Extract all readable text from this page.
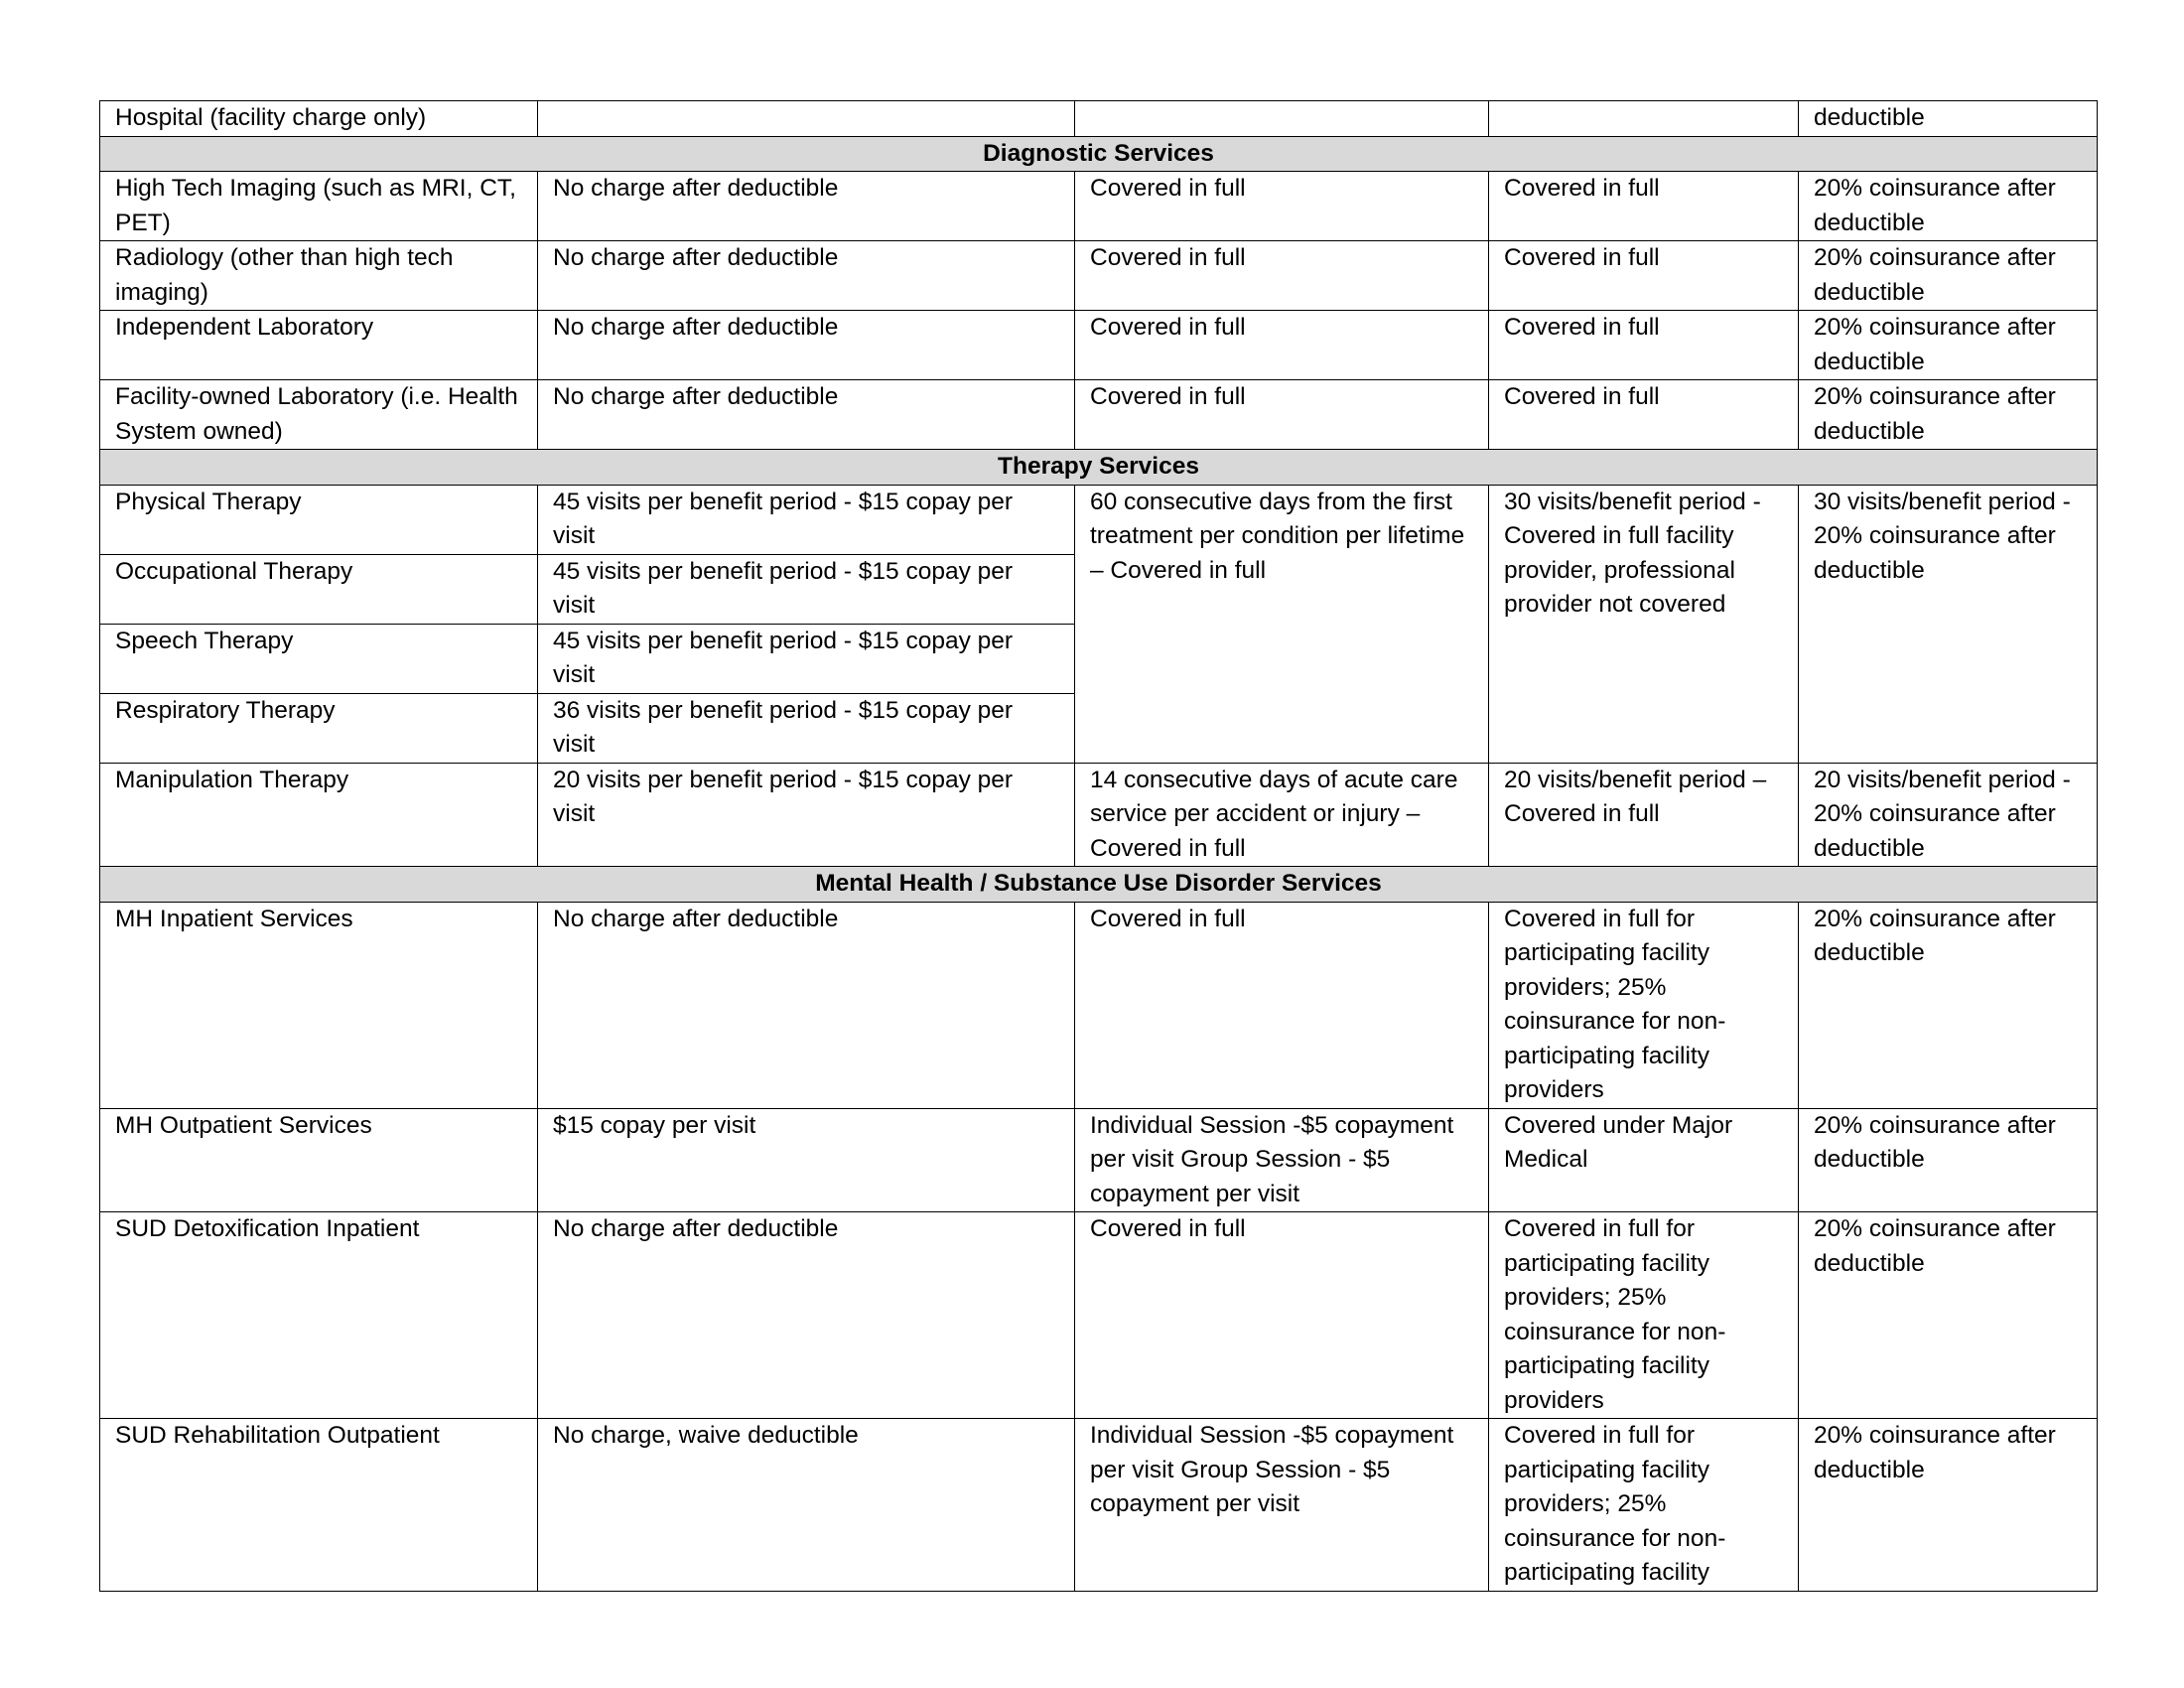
Hospital (facility charge only)				deductible
Diagnostic Services				
High Tech Imaging (such as MRI, CT, PET)	No charge after deductible	Covered in full	Covered in full	20% coinsurance after deductible
Radiology (other than high tech imaging)	No charge after deductible	Covered in full	Covered in full	20% coinsurance after deductible
Independent Laboratory	No charge after deductible	Covered in full	Covered in full	20% coinsurance after deductible
Facility-owned Laboratory (i.e. Health System owned)	No charge after deductible	Covered in full	Covered in full	20% coinsurance after deductible
Therapy Services				
Physical Therapy	45 visits per benefit period - $15 copay per visit	60 consecutive days from the first treatment per condition per lifetime – Covered in full	30 visits/benefit period - Covered in full facility provider, professional provider not covered	30 visits/benefit period - 20% coinsurance after deductible
Occupational Therapy	45 visits per benefit period - $15 copay per visit			
Speech Therapy	45 visits per benefit period - $15 copay per visit			
Respiratory Therapy	36 visits per benefit period - $15 copay per visit			
Manipulation Therapy	20 visits per benefit period - $15 copay per visit	14 consecutive days of acute care service per accident or injury – Covered in full	20 visits/benefit period – Covered in full	20 visits/benefit period - 20% coinsurance after deductible
Mental Health / Substance Use Disorder Services				
MH Inpatient Services	No charge after deductible	Covered in full	Covered in full for participating facility providers; 25% coinsurance for non-participating facility providers	20% coinsurance after deductible
MH Outpatient Services	$15 copay per visit	Individual Session -$5 copayment per visit Group Session - $5 copayment per visit	Covered under Major Medical	20% coinsurance after deductible
SUD Detoxification Inpatient	No charge after deductible	Covered in full	Covered in full for participating facility providers; 25% coinsurance for non-participating facility providers	20% coinsurance after deductible
SUD Rehabilitation Outpatient	No charge, waive deductible	Individual Session -$5 copayment per visit Group Session - $5 copayment per visit	Covered in full for participating facility providers; 25% coinsurance for non-participating facility	20% coinsurance after deductible
